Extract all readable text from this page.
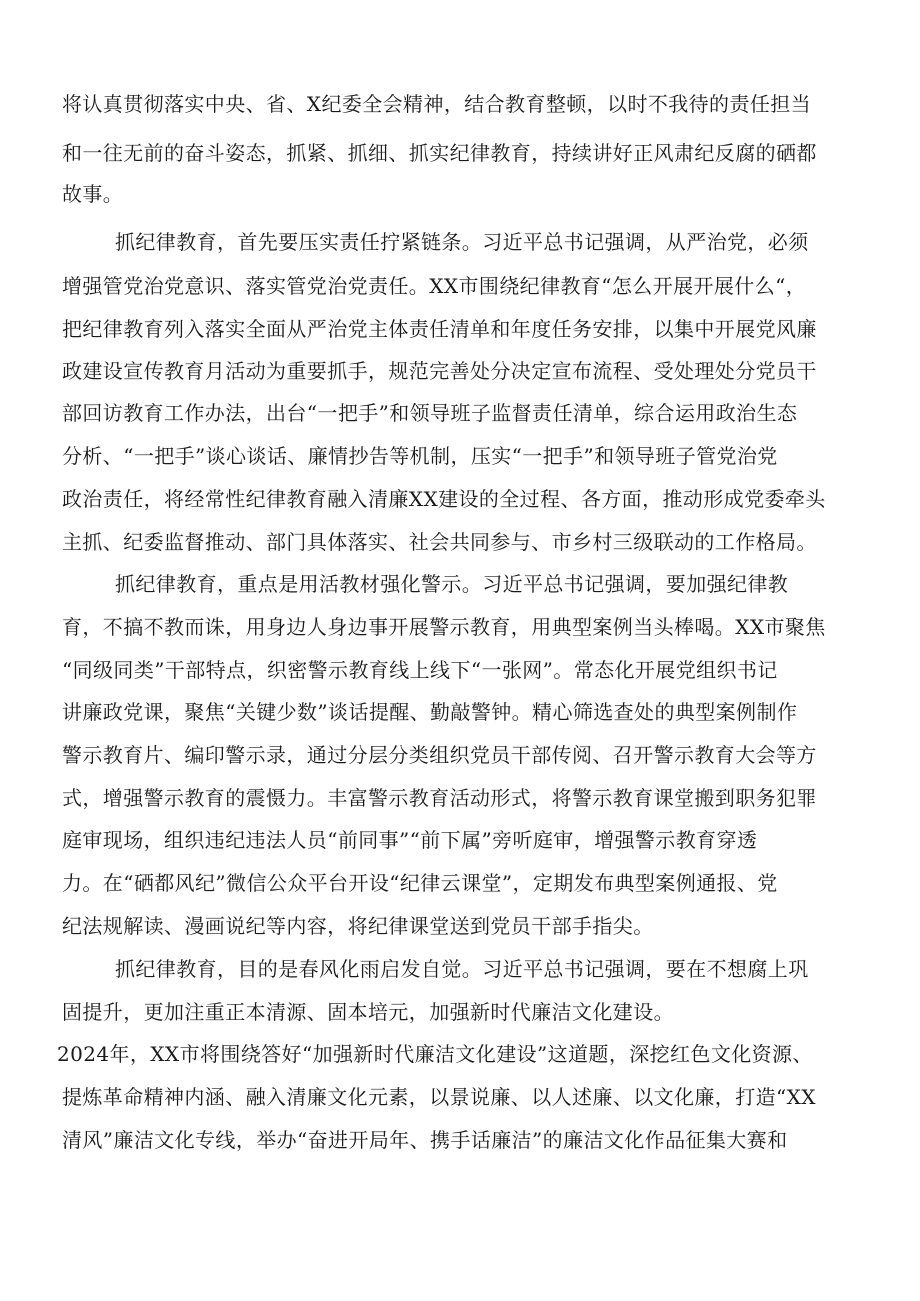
将认真贯彻落实中央、省、X纪委全会精神，结合教育整顿，以时不我待的责任担当
和一往无前的奋斗姿态，抓紧、抓细、抓实纪律教育，持续讲好正风肃纪反腐的硒都
故事。
抓纪律教育，首先要压实责任拧紧链条。习近平总书记强调，从严治党，必须
增强管党治党意识、落实管党治党责任。XX市围绕纪律教育“怎么开展开展什么“，
把纪律教育列入落实全面从严治党主体责任清单和年度任务安排，以集中开展党风廉
政建设宣传教育月活动为重要抓手，规范完善处分决定宣布流程、受处理处分党员干
部回访教育工作办法，出台“一把手”和领导班子监督责任清单，综合运用政治生态
分析、“一把手”谈心谈话、廉情抄告等机制，压实“一把手”和领导班子管党治党
政治责任，将经常性纪律教育融入清廉XX建设的全过程、各方面，推动形成党委牵头
主抓、纪委监督推动、部门具体落实、社会共同参与、市乡村三级联动的工作格局。
抓纪律教育，重点是用活教材强化警示。习近平总书记强调，要加强纪律教
育，不搞不教而诛，用身边人身边事开展警示教育，用典型案例当头棒喝。XX市聚焦
“同级同类”干部特点，织密警示教育线上线下“一张网”。常态化开展党组织书记
讲廉政党课，聚焦“关键少数”谈话提醒、勤敲警钟。精心筛选查处的典型案例制作
警示教育片、编印警示录，通过分层分类组织党员干部传阅、召开警示教育大会等方
式，增强警示教育的震慑力。丰富警示教育活动形式，将警示教育课堂搬到职务犯罪
庭审现场，组织违纪违法人员“前同事”“前下属”旁听庭审，增强警示教育穿透
力。在“硒都风纪”微信公众平台开设“纪律云课堂”，定期发布典型案例通报、党
纪法规解读、漫画说纪等内容，将纪律课堂送到党员干部手指尖。
抓纪律教育，目的是春风化雨启发自觉。习近平总书记强调，要在不想腐上巩
固提升，更加注重正本清源、固本培元，加强新时代廉洁文化建设。
2024年，XX市将围绕答好“加强新时代廉洁文化建设”这道题，深挖红色文化资源、
提炼革命精神内涵、融入清廉文化元素，以景说廉、以人述廉、以文化廉，打造“XX
清风”廉洁文化专线，举办“奋进开局年、携手话廉洁”的廉洁文化作品征集大赛和
